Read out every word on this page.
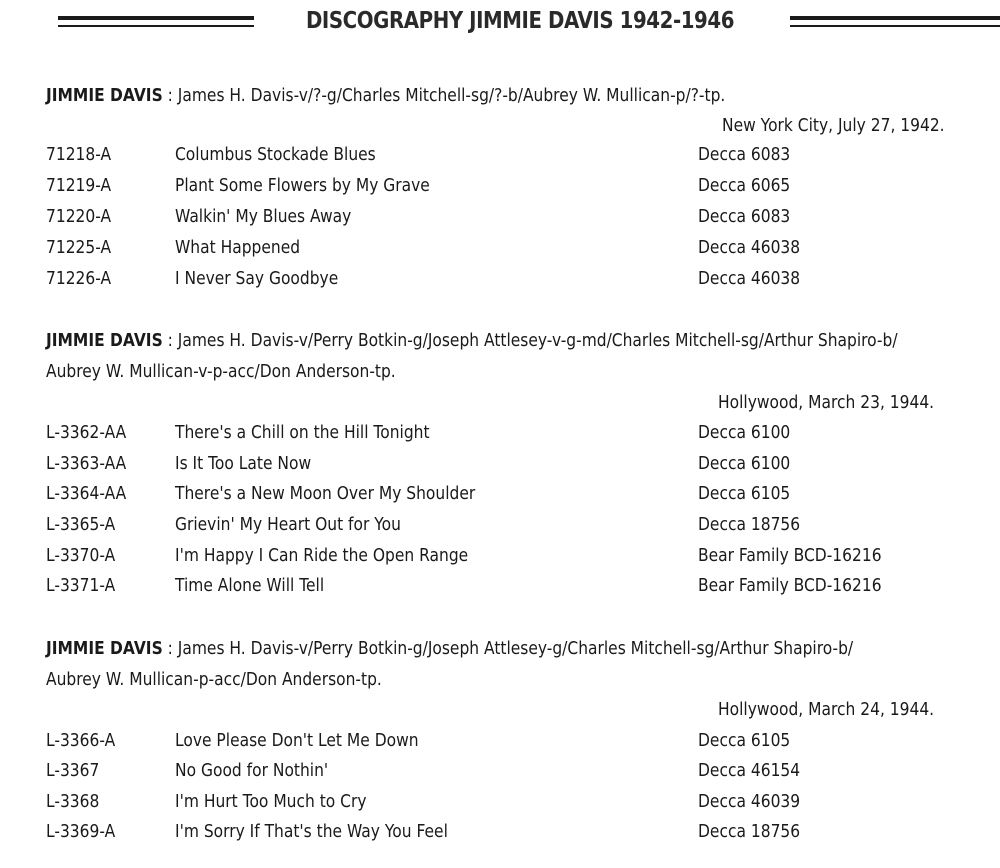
DISCOGRAPHY JIMMIE DAVIS 1942-1946
JIMMIE DAVIS : James H. Davis-v/?-g/Charles Mitchell-sg/?-b/Aubrey W. Mullican-p/?-tp.
New York City, July 27, 1942.
71218-A	Columbus Stockade Blues	Decca 6083
71219-A	Plant Some Flowers by My Grave	Decca 6065
71220-A	Walkin' My Blues Away	Decca 6083
71225-A	What Happened	Decca 46038
71226-A	I Never Say Goodbye	Decca 46038
JIMMIE DAVIS : James H. Davis-v/Perry Botkin-g/Joseph Attlesey-v-g-md/Charles Mitchell-sg/Arthur Shapiro-b/
Aubrey W. Mullican-v-p-acc/Don Anderson-tp.
Hollywood, March 23, 1944.
L-3362-AA	There's a Chill on the Hill Tonight	Decca 6100
L-3363-AA	Is It Too Late Now	Decca 6100
L-3364-AA	There's a New Moon Over My Shoulder	Decca 6105
L-3365-A	Grievin' My Heart Out for You	Decca 18756
L-3370-A	I'm Happy I Can Ride the Open Range	Bear Family BCD-16216
L-3371-A	Time Alone Will Tell	Bear Family BCD-16216
JIMMIE DAVIS : James H. Davis-v/Perry Botkin-g/Joseph Attlesey-g/Charles Mitchell-sg/Arthur Shapiro-b/
Aubrey W. Mullican-p-acc/Don Anderson-tp.
Hollywood, March 24, 1944.
L-3366-A	Love Please Don't Let Me Down	Decca 6105
L-3367	No Good for Nothin'	Decca 46154
L-3368	I'm Hurt Too Much to Cry	Decca 46039
L-3369-A	I'm Sorry If That's the Way You Feel	Decca 18756
